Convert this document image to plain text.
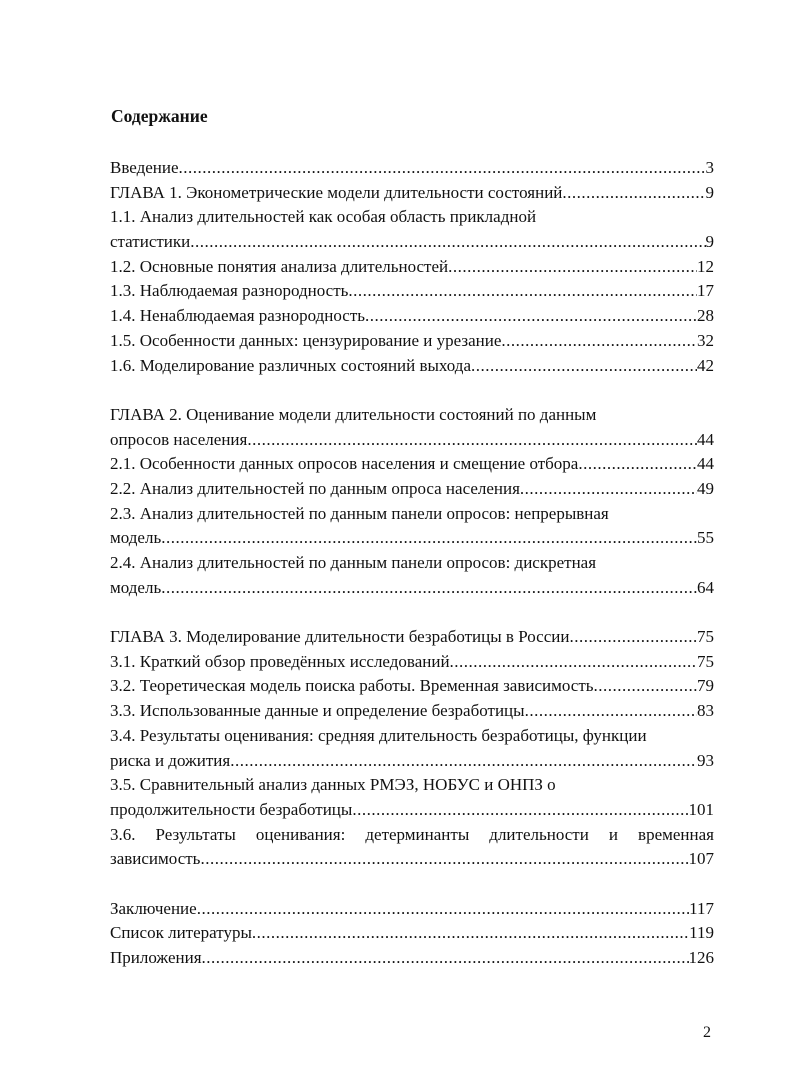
Содержание
Введение .....	3
ГЛАВА 1. Эконометрические модели длительности состояний .....	9
1.1. Анализ длительностей как особая область прикладной
статистики .....	9
1.2. Основные понятия анализа длительностей .....	12
1.3. Наблюдаемая разнородность .....	17
1.4. Ненаблюдаемая разнородность .....	28
1.5. Особенности данных: цензурирование и урезание .....	32
1.6. Моделирование различных состояний выхода .....	42
ГЛАВА 2. Оценивание модели длительности состояний по данным
опросов населения .....	44
2.1. Особенности данных опросов населения и смещение отбора .....	44
2.2. Анализ длительностей по данным опроса населения .....	49
2.3. Анализ длительностей по данным панели опросов: непрерывная
модель .....	55
2.4. Анализ длительностей по данным панели опросов: дискретная
модель .....	64
ГЛАВА 3. Моделирование длительности безработицы в России .....	75
3.1. Краткий обзор проведённых исследований .....	75
3.2. Теоретическая модель поиска работы. Временная зависимость .....	79
3.3. Использованные данные и определение безработицы .....	83
3.4. Результаты оценивания: средняя длительность безработицы, функции
риска и дожития .....	93
3.5. Сравнительный анализ данных РМЭЗ, НОБУС и ОНПЗ о
продолжительности безработицы .....	101
3.6. Результаты оценивания: детерминанты длительности и временная
зависимость .....	107
Заключение .....	117
Список литературы .....	119
Приложения .....	126
2
